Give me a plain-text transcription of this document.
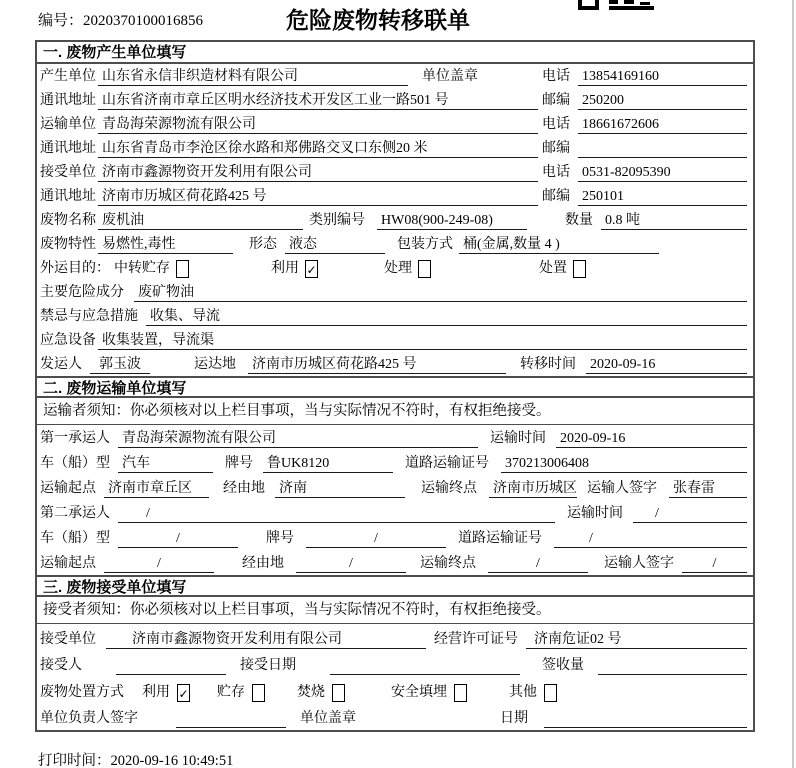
编号：2020370100016856	危险废物转移联单
一. 废物产生单位填写
产生单位 山东省永信非织造材料有限公司	单位盖章	电话 13854169160
通讯地址 山东省济南市章丘区明水经济技术开发区工业一路501 号	邮编 250200
运输单位 青岛海荣源物流有限公司	电话 18661672606
通讯地址 山东省青岛市李沧区徐水路和郑佛路交叉口东侧20 米	邮编
接受单位 济南市鑫源物资开发利用有限公司	电话 0531-82095390
通讯地址 济南市历城区荷花路425 号	邮编 250101
废物名称 废机油	类别编号 HW08(900-249-08)	数量 0.8 吨
废物特性 易燃性,毒性	形态 液态	包装方式 桶(金属,数量 4 )
外运目的： 中转贮存	利用 ✓	处理	处置
主要危险成分 废矿物油
禁忌与应急措施 收集、导流
应急设备 收集装置，导流渠
发运人	郭玉波	运达地 济南市历城区荷花路425 号	转移时间 2020-09-16
二. 废物运输单位填写
运输者须知：你必须核对以上栏目事项，当与实际情况不符时，有权拒绝接受。
第一承运人 青岛海荣源物流有限公司	运输时间 2020-09-16
车（船）型 汽车	牌号 鲁UK8120	道路运输证号 370213006408
运输起点 济南市章丘区	经由地 济南	运输终点 济南市历城区 运输人签字 张春雷
第二承运人	/	运输时间	/
车（船）型	/	牌号	/	道路运输证号	/
运输起点	/	经由地	/	运输终点	/	运输人签字	/
三. 废物接受单位填写
接受者须知：你必须核对以上栏目事项，当与实际情况不符时，有权拒绝接受。
接受单位	济南市鑫源物资开发利用有限公司	经营许可证号	济南危证02 号
接受人	接受日期	签收量
废物处置方式 利用 ✓ 贮存	焚烧	安全填埋	其他
单位负责人签字	单位盖章	日期
打印时间：2020-09-16 10:49:51
